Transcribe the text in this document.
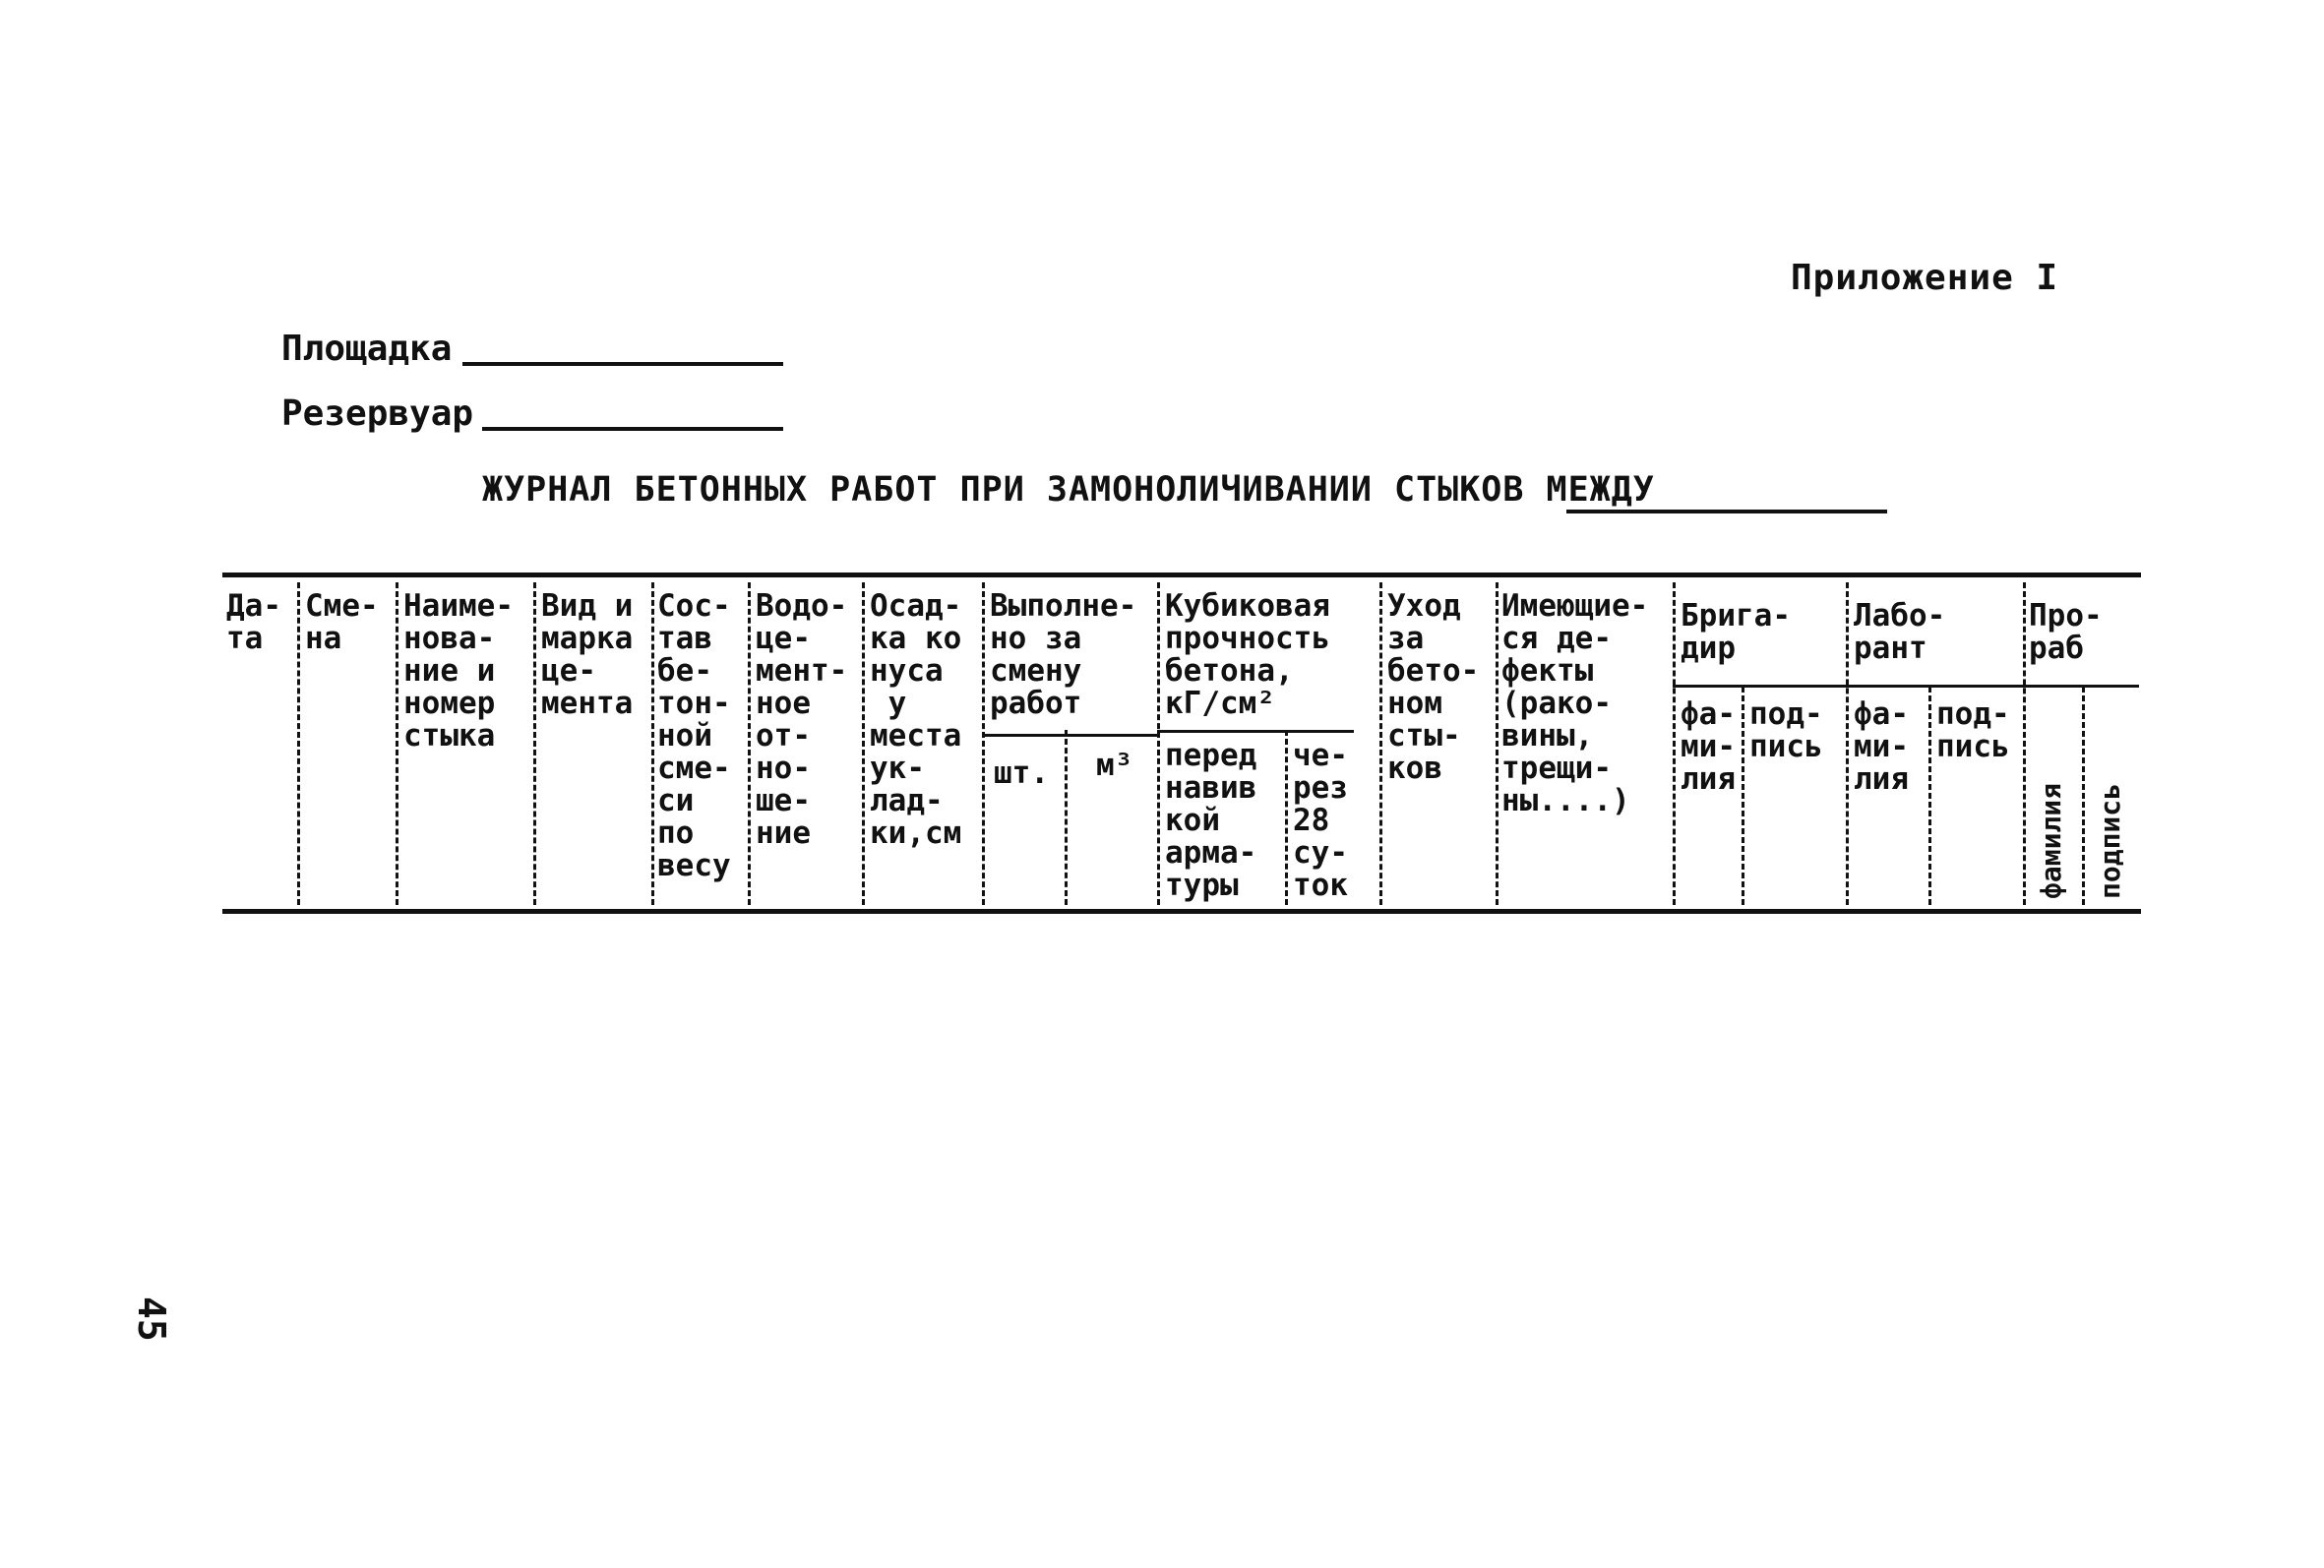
Приложение I
Площадка
Резервуар
ЖУРНАЛ БЕТОННЫХ РАБОТ ПРИ ЗАМОНОЛИЧИВАНИИ СТЫКОВ МЕЖДУ
Да-
та
Сме-
на
Наиме-
нова-
ние и
номер
стыка
Вид и
марка
це-
мента
Сос-
тав
бе-
тон-
ной
сме-
си
по
весу
Водо-
це-
мент-
ное
от-
но-
ше-
ние
Осад-
ка ко
нуса
у
места
ук-
лад-
ки,см
Выполне-
но за
смену
работ
шт. м³
Кубиковая
прочность
бетона,
кГ/см²
перед
навив
кой
арма-
туры
че-
рез
28
су-
ток
Уход
за
бето-
ном
сты-
ков
Имеющие-
ся де-
фекты
(рако-
вины,
трещи-
ны....)
Брига-
дир
фа-
ми-
лия
под-
пись
Лабо-
рант
фа-
ми-
лия
под-
пись
Про-
раб
фамилия подпись
45
